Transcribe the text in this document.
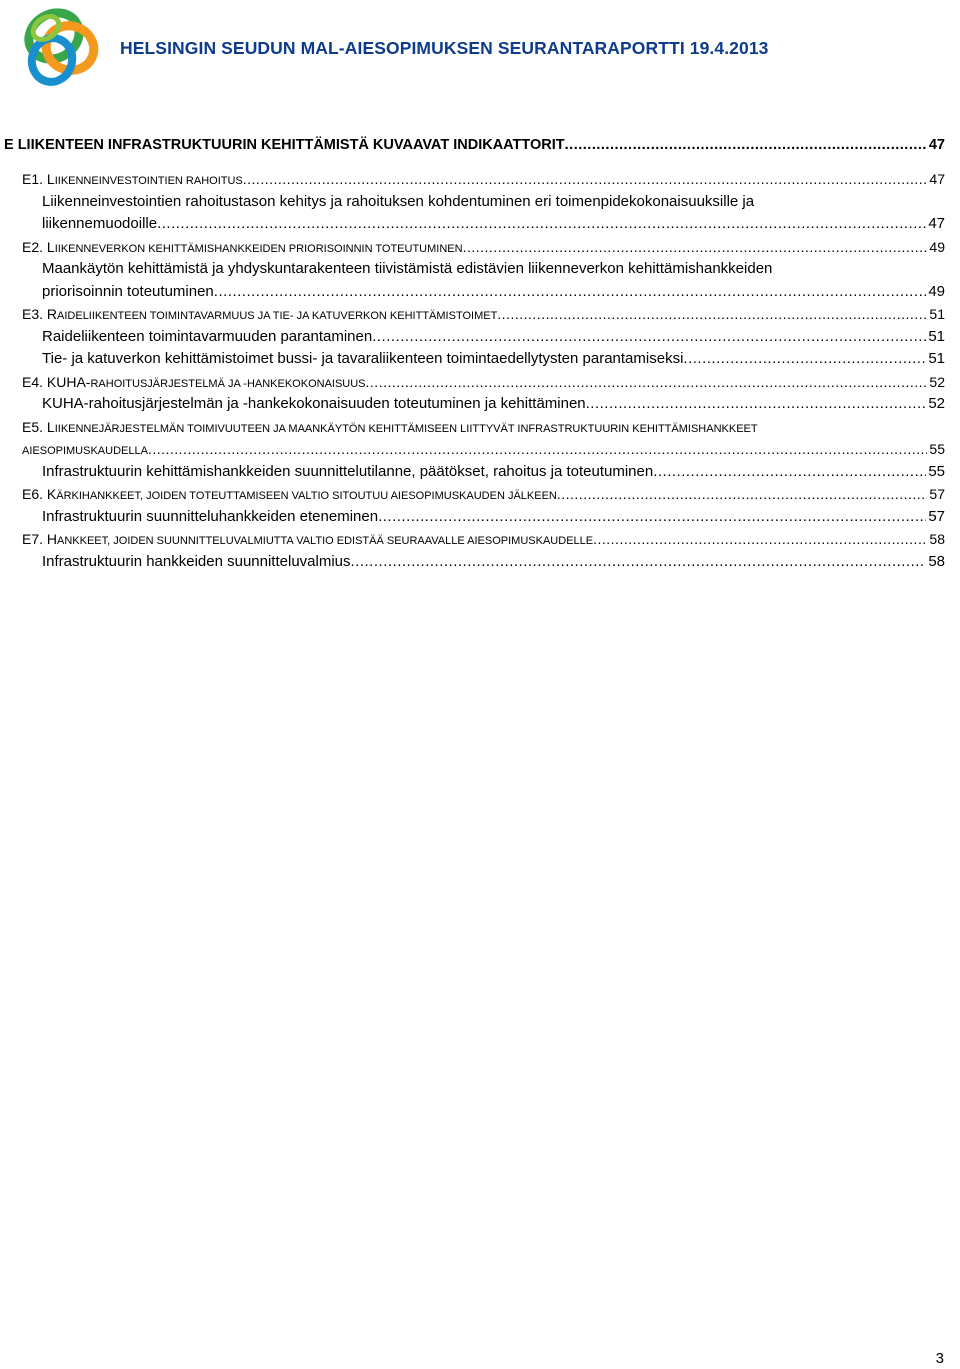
HELSINGIN SEUDUN MAL-AIESOPIMUKSEN SEURANTARAPORTTI 19.4.2013
E LIIKENTEEN INFRASTRUKTUURIN KEHITTÄMISTÄ KUVAAVAT INDIKAATTORIT .....	47
E1. LIIKENNEINVESTOINTIEN RAHOITUS .....	47
Liikenneinvestointien rahoitustason kehitys ja rahoituksen kohdentuminen eri toimenpidekokonaisuuksille ja
liikennemuodoille .....	47
E2. LIIKENNEVERKON KEHITTÄMISHANKKEIDEN PRIORISOINNIN TOTEUTUMINEN .....	49
Maankäytön kehittämistä ja yhdyskuntarakenteen tiivistämistä edistävien liikenneverkon kehittämishankkeiden
priorisoinnin toteutuminen .....	49
E3. RAIDELIIKENTEEN TOIMINTAVARMUUS JA TIE- JA KATUVERKON KEHITTÄMISTOIMET .....	51
Raideliikenteen toimintavarmuuden parantaminen .....	51
Tie- ja katuverkon kehittämistoimet bussi- ja tavaraliikenteen toimintaedellytysten parantamiseksi .....	51
E4. KUHA-RAHOITUSJÄRJESTELMÄ JA -HANKEKOKONAISUUS .....	52
KUHA-rahoitusjärjestelmän ja -hankekokonaisuuden toteutuminen ja kehittäminen .....	52
E5. LIIKENNEJÄRJESTELMÄN TOIMIVUUTEEN JA MAANKÄYTÖN KEHITTÄMISEEN LIITTYVÄT INFRASTRUKTUURIN KEHITTÄMISHANKKEET
AIESOPIMUSKAUDELLA .....	55
Infrastruktuurin kehittämishankkeiden suunnittelutilanne, päätökset, rahoitus ja toteutuminen .....	55
E6. KÄRKIHANKKEET, JOIDEN TOTEUTTAMISEEN VALTIO SITOUTUU AIESOPIMUSKAUDEN JÄLKEEN .....	57
Infrastruktuurin suunnitteluhankkeiden eteneminen .....	57
E7. HANKKEET, JOIDEN SUUNNITTELUVALMIUTTA VALTIO EDISTÄÄ SEURAAVALLE AIESOPIMUSKAUDELLE .....	58
Infrastruktuurin hankkeiden suunnitteluvalmius .....	58
3
